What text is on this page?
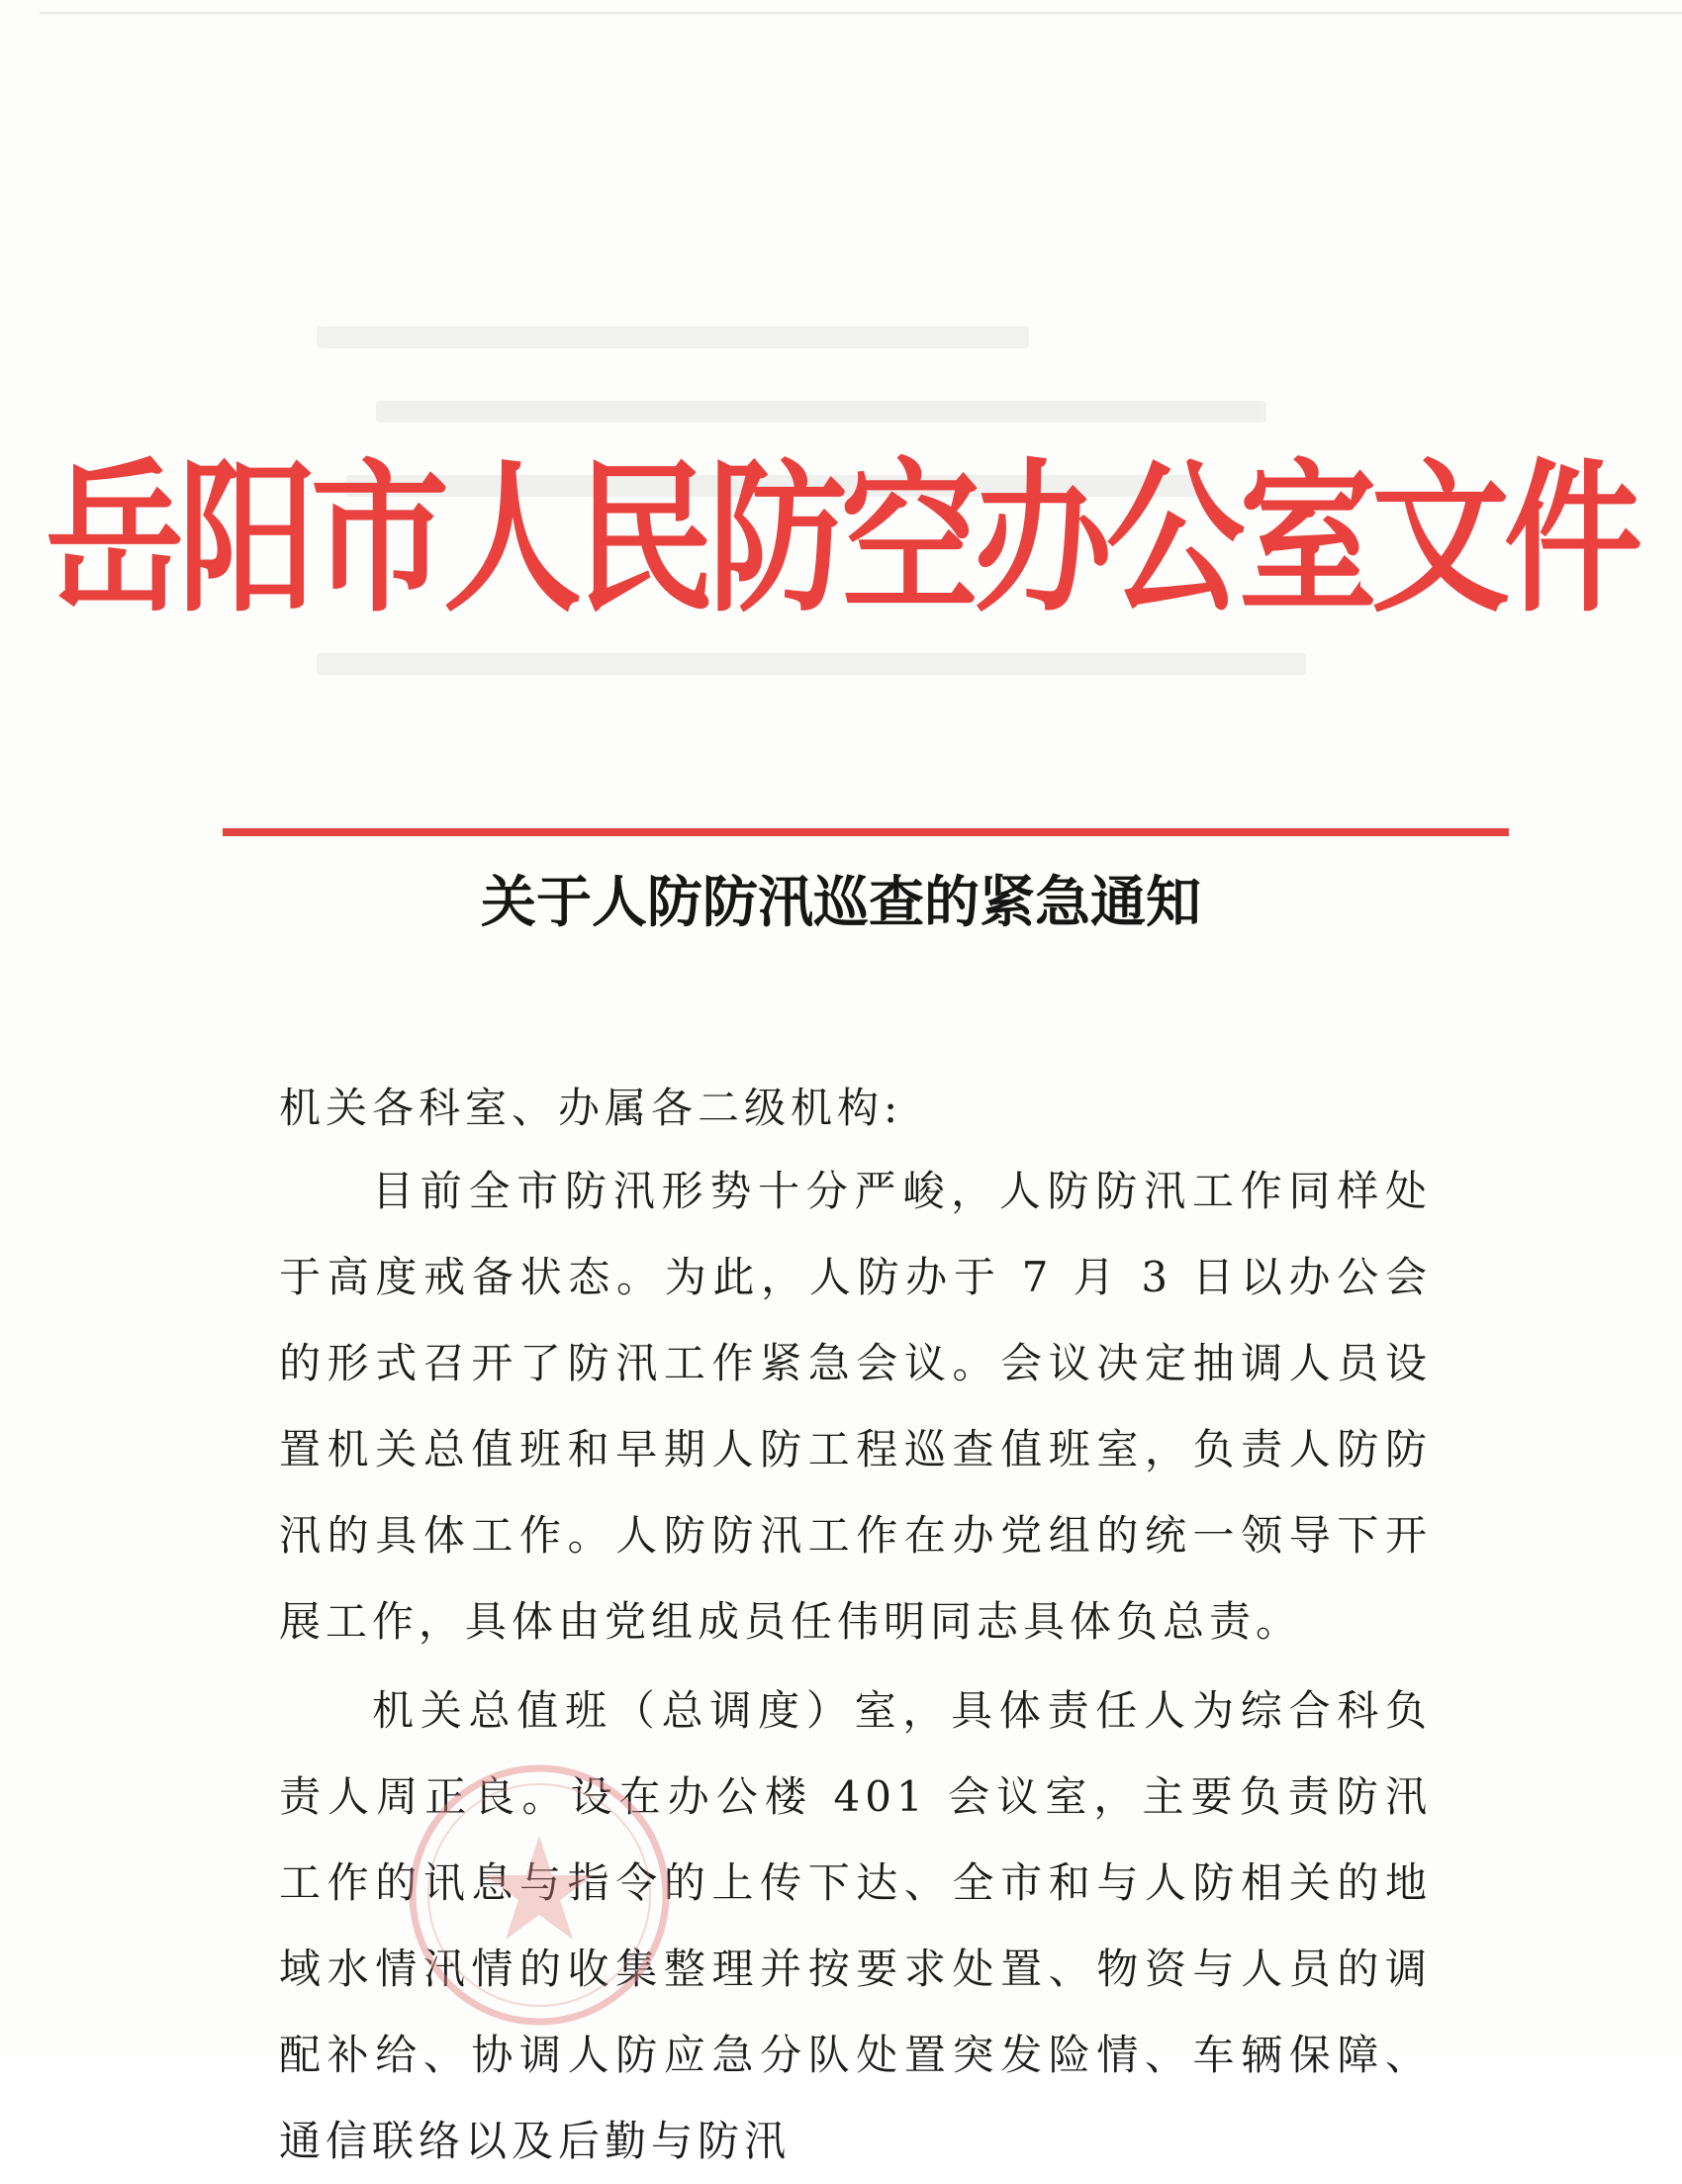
岳阳市人民防空办公室文件
关于人防防汛巡查的紧急通知
机关各科室、办属各二级机构:
目前全市防汛形势十分严峻，人防防汛工作同样处于高度戒备状态。为此，人防办于 7 月 3 日以办公会的形式召开了防汛工作紧急会议。会议决定抽调人员设置机关总值班和早期人防工程巡查值班室，负责人防防汛的具体工作。人防防汛工作在办党组的统一领导下开展工作，具体由党组成员任伟明同志具体负总责。
机关总值班（总调度）室，具体责任人为综合科负责人周正良。设在办公楼 401 会议室，主要负责防汛工作的讯息与指令的上传下达、全市和与人防相关的地域水情汛情的收集整理并按要求处置、物资与人员的调配补给、协调人防应急分队处置突发险情、车辆保障、通信联络以及后勤与防汛
